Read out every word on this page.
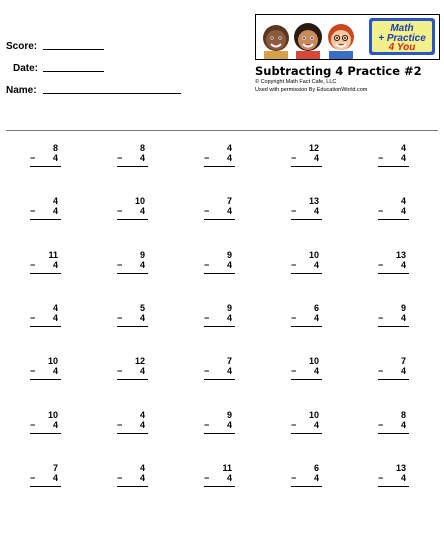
Score:
Date:
Name:
Math
+ Practice
4 You
Subtracting 4 Practice #2
© Copyright Math Fact Cafe, LLC
Used with permission By EducationWorld.com
8
− 4
8
− 4
4
− 4
12
− 4
4
− 4
4
− 4
10
− 4
7
− 4
13
− 4
4
− 4
11
− 4
9
− 4
9
− 4
10
− 4
13
− 4
4
− 4
5
− 4
9
− 4
6
− 4
9
− 4
10
− 4
12
− 4
7
− 4
10
− 4
7
− 4
10
− 4
4
− 4
9
− 4
10
− 4
8
− 4
7
− 4
4
− 4
11
− 4
6
− 4
13
− 4
